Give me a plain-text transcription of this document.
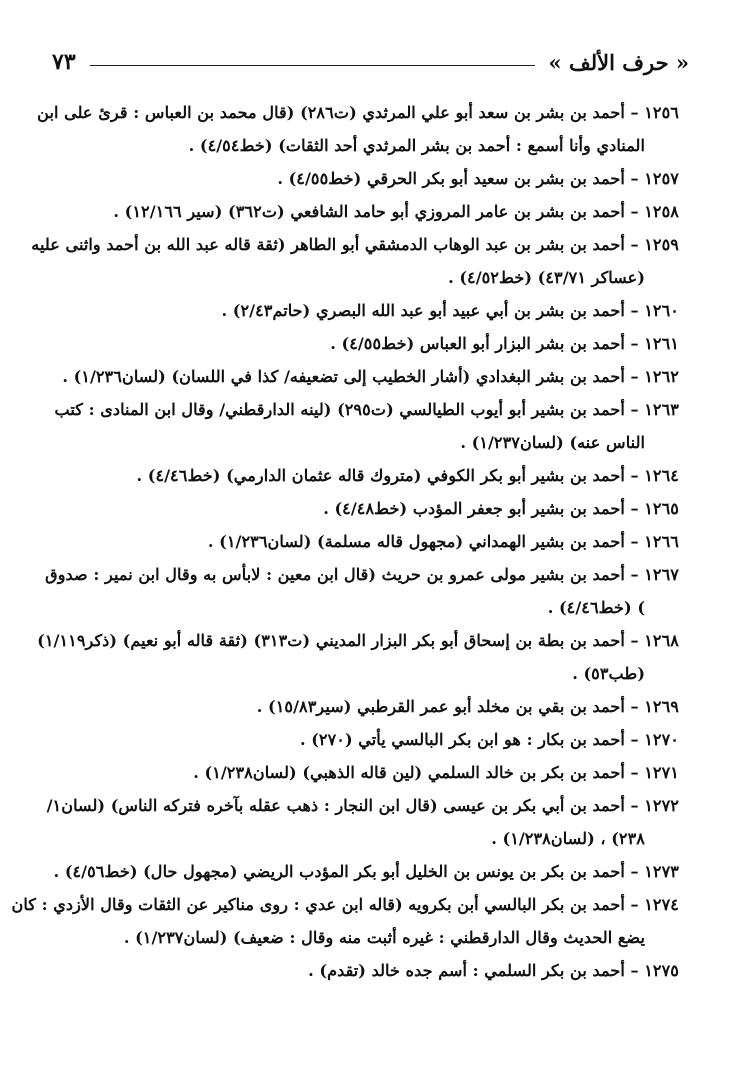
« حرف الألف »
٧٣
١٢٥٦ – أحمد بن بشر بن سعد أبو علي المرثدي (ت٢٨٦) (قال محمد بن العباس : قرئ على ابن
المنادي وأنا أسمع : أحمد بن بشر المرثدي أحد الثقات) (خط٤/٥٤) .
١٢٥٧ – أحمد بن بشر بن سعيد أبو بكر الحرقي (خط٤/٥٥) .
١٢٥٨ – أحمد بن بشر بن عامر المروزي أبو حامد الشافعي (ت٣٦٢) (سير ١٢/١٦٦) .
١٢٥٩ – أحمد بن بشر بن عبد الوهاب الدمشقي أبو الطاهر (ثقة قاله عبد الله بن أحمد واثنى عليه
(عساكر ٤٣/٧١) (خط٤/٥٢) .
١٢٦٠ – أحمد بن بشر بن أبي عبيد أبو عبد الله البصري (حاتم٢/٤٣) .
١٢٦١ – أحمد بن بشر البزار أبو العباس (خط٤/٥٥) .
١٢٦٢ – أحمد بن بشر البغدادي (أشار الخطيب إلى تضعيفه/ كذا في اللسان) (لسان١/٢٣٦) .
١٢٦٣ – أحمد بن بشير أبو أيوب الطيالسي (ت٢٩٥) (لينه الدارقطني/ وقال ابن المنادى : كتب
الناس عنه) (لسان١/٢٣٧) .
١٢٦٤ – أحمد بن بشير أبو بكر الكوفي (متروك قاله عثمان الدارمي) (خط٤/٤٦) .
١٢٦٥ – أحمد بن بشير أبو جعفر المؤدب (خط٤/٤٨) .
١٢٦٦ – أحمد بن بشير الهمداني (مجهول قاله مسلمة) (لسان١/٢٣٦) .
١٢٦٧ – أحمد بن بشير مولى عمرو بن حريث (قال ابن معين : لابأس به وقال ابن نمير : صدوق
) (خط٤/٤٦) .
١٢٦٨ – أحمد بن بطة بن إسحاق أبو بكر البزار المديني (ت٣١٣) (ثقة قاله أبو نعيم) (ذكر١/١١٩)
(طب٥٣) .
١٢٦٩ – أحمد بن بقي بن مخلد أبو عمر القرطبي (سير١٥/٨٣) .
١٢٧٠ – أحمد بن بكار : هو ابن بكر البالسي يأتي (٢٧٠) .
١٢٧١ – أحمد بن بكر بن خالد السلمي (لين قاله الذهبي) (لسان١/٢٣٨) .
١٢٧٢ – أحمد بن أبي بكر بن عيسى (قال ابن النجار : ذهب عقله بآخره فتركه الناس) (لسان١/
٢٣٨) ، (لسان١/٢٣٨) .
١٢٧٣ – أحمد بن بكر بن يونس بن الخليل أبو بكر المؤدب الريضي (مجهول حال) (خط٤/٥٦) .
١٢٧٤ – أحمد بن بكر البالسي أبن بكرويه (قاله ابن عدي : روى مناكير عن الثقات وقال الأزدي : كان
يضع الحديث وقال الدارقطني : غيره أثبت منه وقال : ضعيف) (لسان١/٢٣٧) .
١٢٧٥ – أحمد بن بكر السلمي : أسم جده خالد (تقدم) .
